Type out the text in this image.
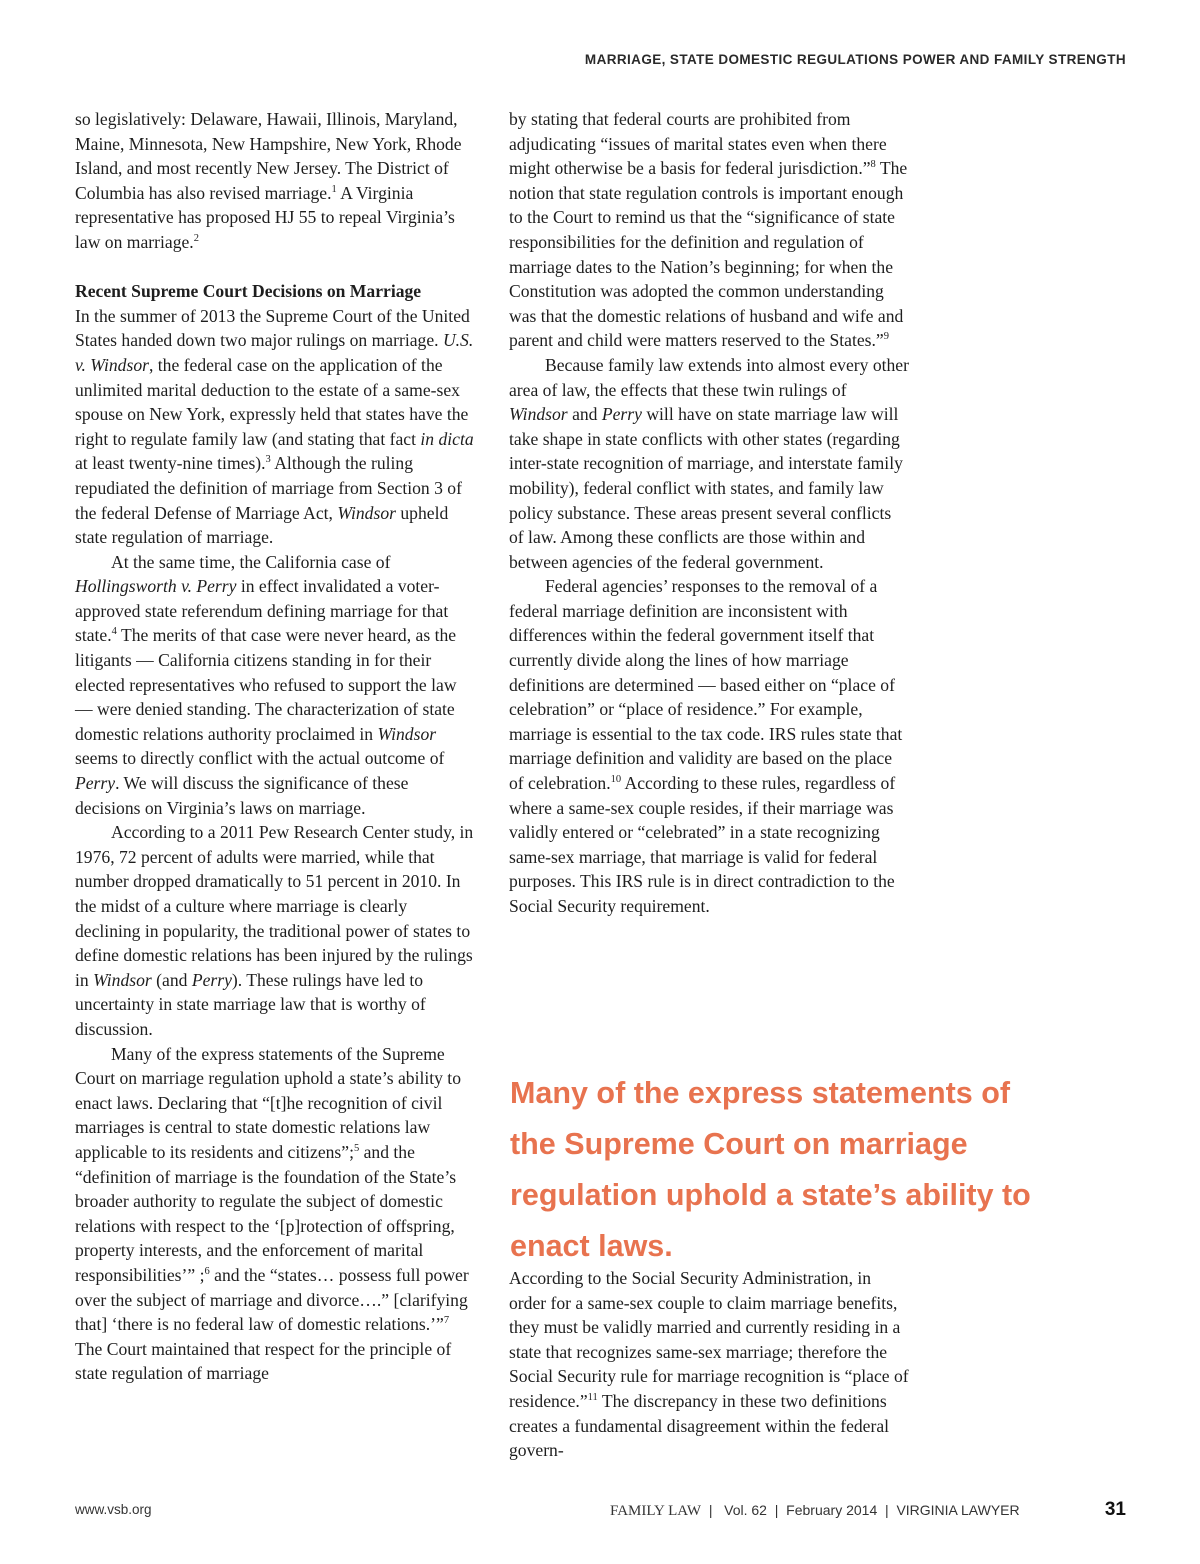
MARRIAGE, STATE DOMESTIC REGULATIONS POWER AND FAMILY STRENGTH

so legislatively: Delaware, Hawaii, Illinois, Maryland, Maine, Minnesota, New Hampshire, New York, Rhode Island, and most recently New Jersey. The District of Columbia has also revised marriage.$^1$ A Virginia representative has proposed HJ 55 to repeal Virginia’s law on marriage.$^2$

Recent Supreme Court Decisions on Marriage

In the summer of 2013 the Supreme Court of the United States handed down two major rulings on marriage. U.S. v. Windsor, the federal case on the application of the unlimited marital deduction to the estate of a same-sex spouse on New York, expressly held that states have the right to regulate family law (and stating that fact in dicta at least twenty-nine times).$^3$ Although the ruling repudiated the definition of marriage from Section 3 of the federal Defense of Marriage Act, Windsor upheld state regulation of marriage.

At the same time, the California case of Hollingsworth v. Perry in effect invalidated a voter-approved state referendum defining marriage for that state.$^4$ The merits of that case were never heard, as the litigants — California citizens standing in for their elected representatives who refused to support the law — were denied standing. The characterization of state domestic relations authority proclaimed in Windsor seems to directly conflict with the actual outcome of Perry. We will discuss the significance of these decisions on Virginia’s laws on marriage.

According to a 2011 Pew Research Center study, in 1976, 72 percent of adults were married, while that number dropped dramatically to 51 percent in 2010. In the midst of a culture where marriage is clearly declining in popularity, the traditional power of states to define domestic relations has been injured by the rulings in Windsor (and Perry). These rulings have led to uncertainty in state marriage law that is worthy of discussion.

Many of the express statements of the Supreme Court on marriage regulation uphold a state’s ability to enact laws. Declaring that “[t]he recognition of civil marriages is central to state domestic relations law applicable to its residents and citizens”;$^5$ and the “definition of marriage is the foundation of the State’s broader authority to regulate the subject of domestic relations with respect to the ‘[p]rotection of offspring, property interests, and the enforcement of marital responsibilities’” ;$^6$ and the “states… possess full power over the subject of marriage and divorce….” [clarifying that] ‘there is no federal law of domestic relations.’”$^7$ The Court maintained that respect for the principle of state regulation of marriage

by stating that federal courts are prohibited from adjudicating “issues of marital states even when there might otherwise be a basis for federal jurisdiction.”$^8$ The notion that state regulation controls is important enough to the Court to remind us that the “significance of state responsibilities for the definition and regulation of marriage dates to the Nation’s beginning; for when the Constitution was adopted the common understanding was that the domestic relations of husband and wife and parent and child were matters reserved to the States.”$^9$

Because family law extends into almost every other area of law, the effects that these twin rulings of Windsor and Perry will have on state marriage law will take shape in state conflicts with other states (regarding inter-state recognition of marriage, and interstate family mobility), federal conflict with states, and family law policy substance. These areas present several conflicts of law. Among these conflicts are those within and between agencies of the federal government.

Federal agencies’ responses to the removal of a federal marriage definition are inconsistent with differences within the federal government itself that currently divide along the lines of how marriage definitions are determined — based either on “place of celebration” or “place of residence.” For example, marriage is essential to the tax code. IRS rules state that marriage definition and validity are based on the place of celebration.$^{10}$ According to these rules, regardless of where a same-sex couple resides, if their marriage was validly entered or “celebrated” in a state recognizing same-sex marriage, that marriage is valid for federal purposes. This IRS rule is in direct contradiction to the Social Security requirement.

Many of the express statements of the Supreme Court on marriage regulation uphold a state’s ability to enact laws.

According to the Social Security Administration, in order for a same-sex couple to claim marriage benefits, they must be validly married and currently residing in a state that recognizes same-sex marriage; therefore the Social Security rule for marriage recognition is “place of residence.”$^{11}$ The discrepancy in these two definitions creates a fundamental disagreement within the federal govern-

www.vsb.org	FAMILY LAW | Vol. 62 | February 2014 | VIRGINIA LAWYER	31
